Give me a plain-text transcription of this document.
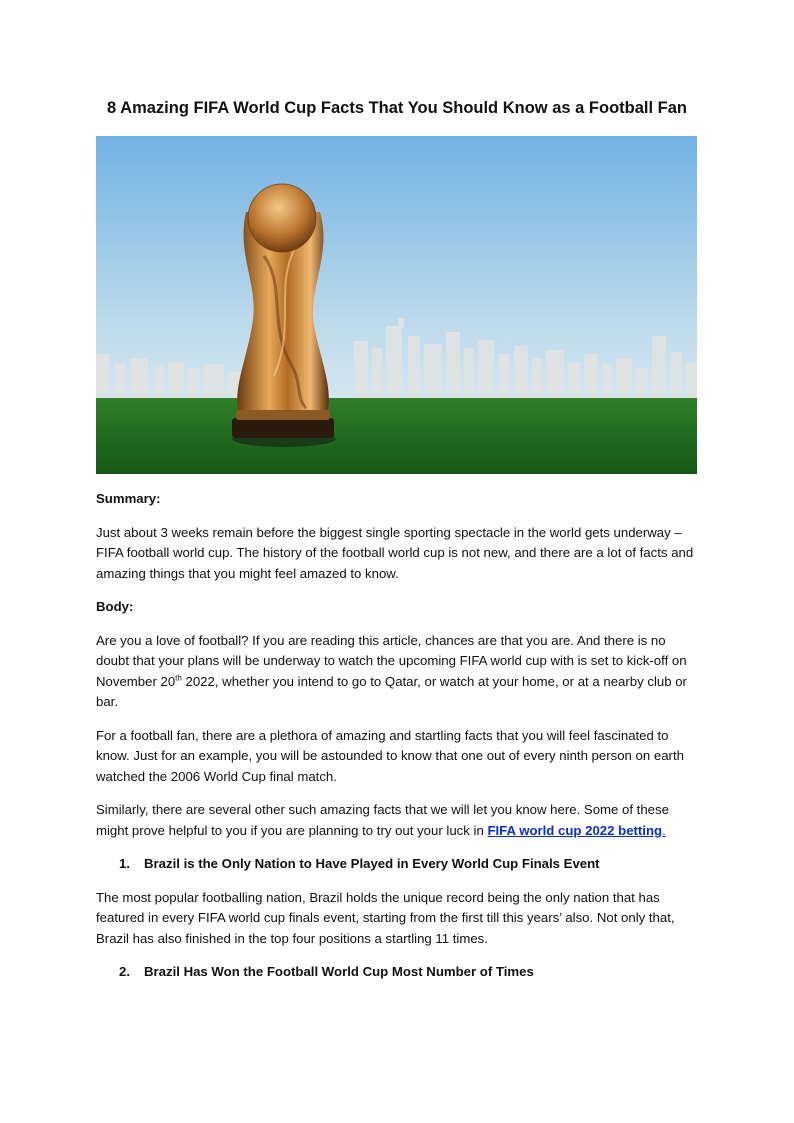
8 Amazing FIFA World Cup Facts That You Should Know as a Football Fan

Summary:

Just about 3 weeks remain before the biggest single sporting spectacle in the world gets underway – FIFA football world cup. The history of the football world cup is not new, and there are a lot of facts and amazing things that you might feel amazed to know.

Body:

Are you a love of football? If you are reading this article, chances are that you are. And there is no doubt that your plans will be underway to watch the upcoming FIFA world cup with is set to kick-off on November 20th 2022, whether you intend to go to Qatar, or watch at your home, or at a nearby club or bar.

For a football fan, there are a plethora of amazing and startling facts that you will feel fascinated to know. Just for an example, you will be astounded to know that one out of every ninth person on earth watched the 2006 World Cup final match.

Similarly, there are several other such amazing facts that we will let you know here. Some of these might prove helpful to you if you are planning to try out your luck in FIFA world cup 2022 betting.

1.	Brazil is the Only Nation to Have Played in Every World Cup Finals Event

The most popular footballing nation, Brazil holds the unique record being the only nation that has featured in every FIFA world cup finals event, starting from the first till this years’ also. Not only that, Brazil has also finished in the top four positions a startling 11 times.

2.	Brazil Has Won the Football World Cup Most Number of Times
